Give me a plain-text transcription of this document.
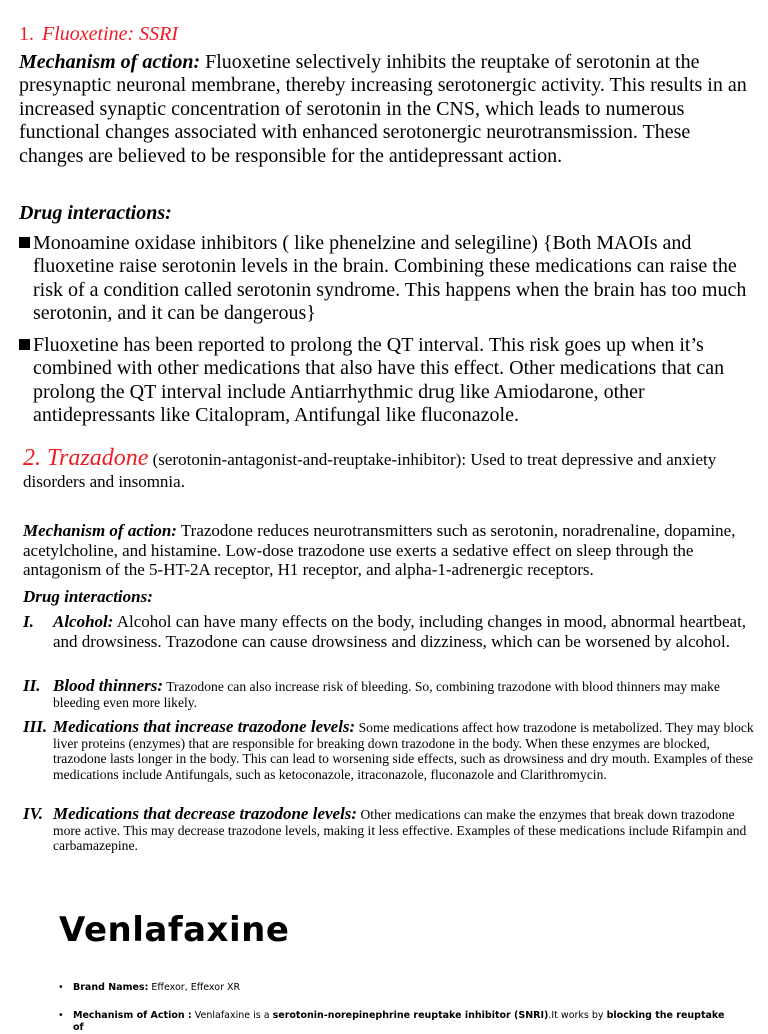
1. Fluoxetine: SSRI
Mechanism of action: Fluoxetine selectively inhibits the reuptake of serotonin at the presynaptic neuronal membrane, thereby increasing serotonergic activity. This results in an increased synaptic concentration of serotonin in the CNS, which leads to numerous functional changes associated with enhanced serotonergic neurotransmission. These changes are believed to be responsible for the antidepressant action.
Drug interactions:
Monoamine oxidase inhibitors ( like phenelzine and selegiline) {Both MAOIs and fluoxetine raise serotonin levels in the brain. Combining these medications can raise the risk of a condition called serotonin syndrome. This happens when the brain has too much serotonin, and it can be dangerous}
Fluoxetine has been reported to prolong the QT interval. This risk goes up when it’s combined with other medications that also have this effect. Other medications that can prolong the QT interval include Antiarrhythmic drug like Amiodarone, other antidepressants like Citalopram, Antifungal like fluconazole.
2. Trazadone (serotonin-antagonist-and-reuptake-inhibitor): Used to treat depressive and anxiety disorders and insomnia.
Mechanism of action: Trazodone reduces neurotransmitters such as serotonin, noradrenaline, dopamine, acetylcholine, and histamine. Low-dose trazodone use exerts a sedative effect on sleep through the antagonism of the 5-HT-2A receptor, H1 receptor, and alpha-1-adrenergic receptors.
Drug interactions:
I. Alcohol: Alcohol can have many effects on the body, including changes in mood, abnormal heartbeat, and drowsiness. Trazodone can cause drowsiness and dizziness, which can be worsened by alcohol.
II. Blood thinners: Trazodone can also increase risk of bleeding. So, combining trazodone with blood thinners may make bleeding even more likely.
III. Medications that increase trazodone levels: Some medications affect how trazodone is metabolized. They may block liver proteins (enzymes) that are responsible for breaking down trazodone in the body. When these enzymes are blocked, trazodone lasts longer in the body. This can lead to worsening side effects, such as drowsiness and dry mouth. Examples of these medications include Antifungals, such as ketoconazole, itraconazole, fluconazole and Clarithromycin.
IV. Medications that decrease trazodone levels: Other medications can make the enzymes that break down trazodone more active. This may decrease trazodone levels, making it less effective. Examples of these medications include Rifampin and carbamazepine.
Venlafaxine
• Brand Names: Effexor, Effexor XR
• Mechanism of Action : Venlafaxine is a serotonin-norepinephrine reuptake inhibitor (SNRI).It works by blocking the reuptake of
